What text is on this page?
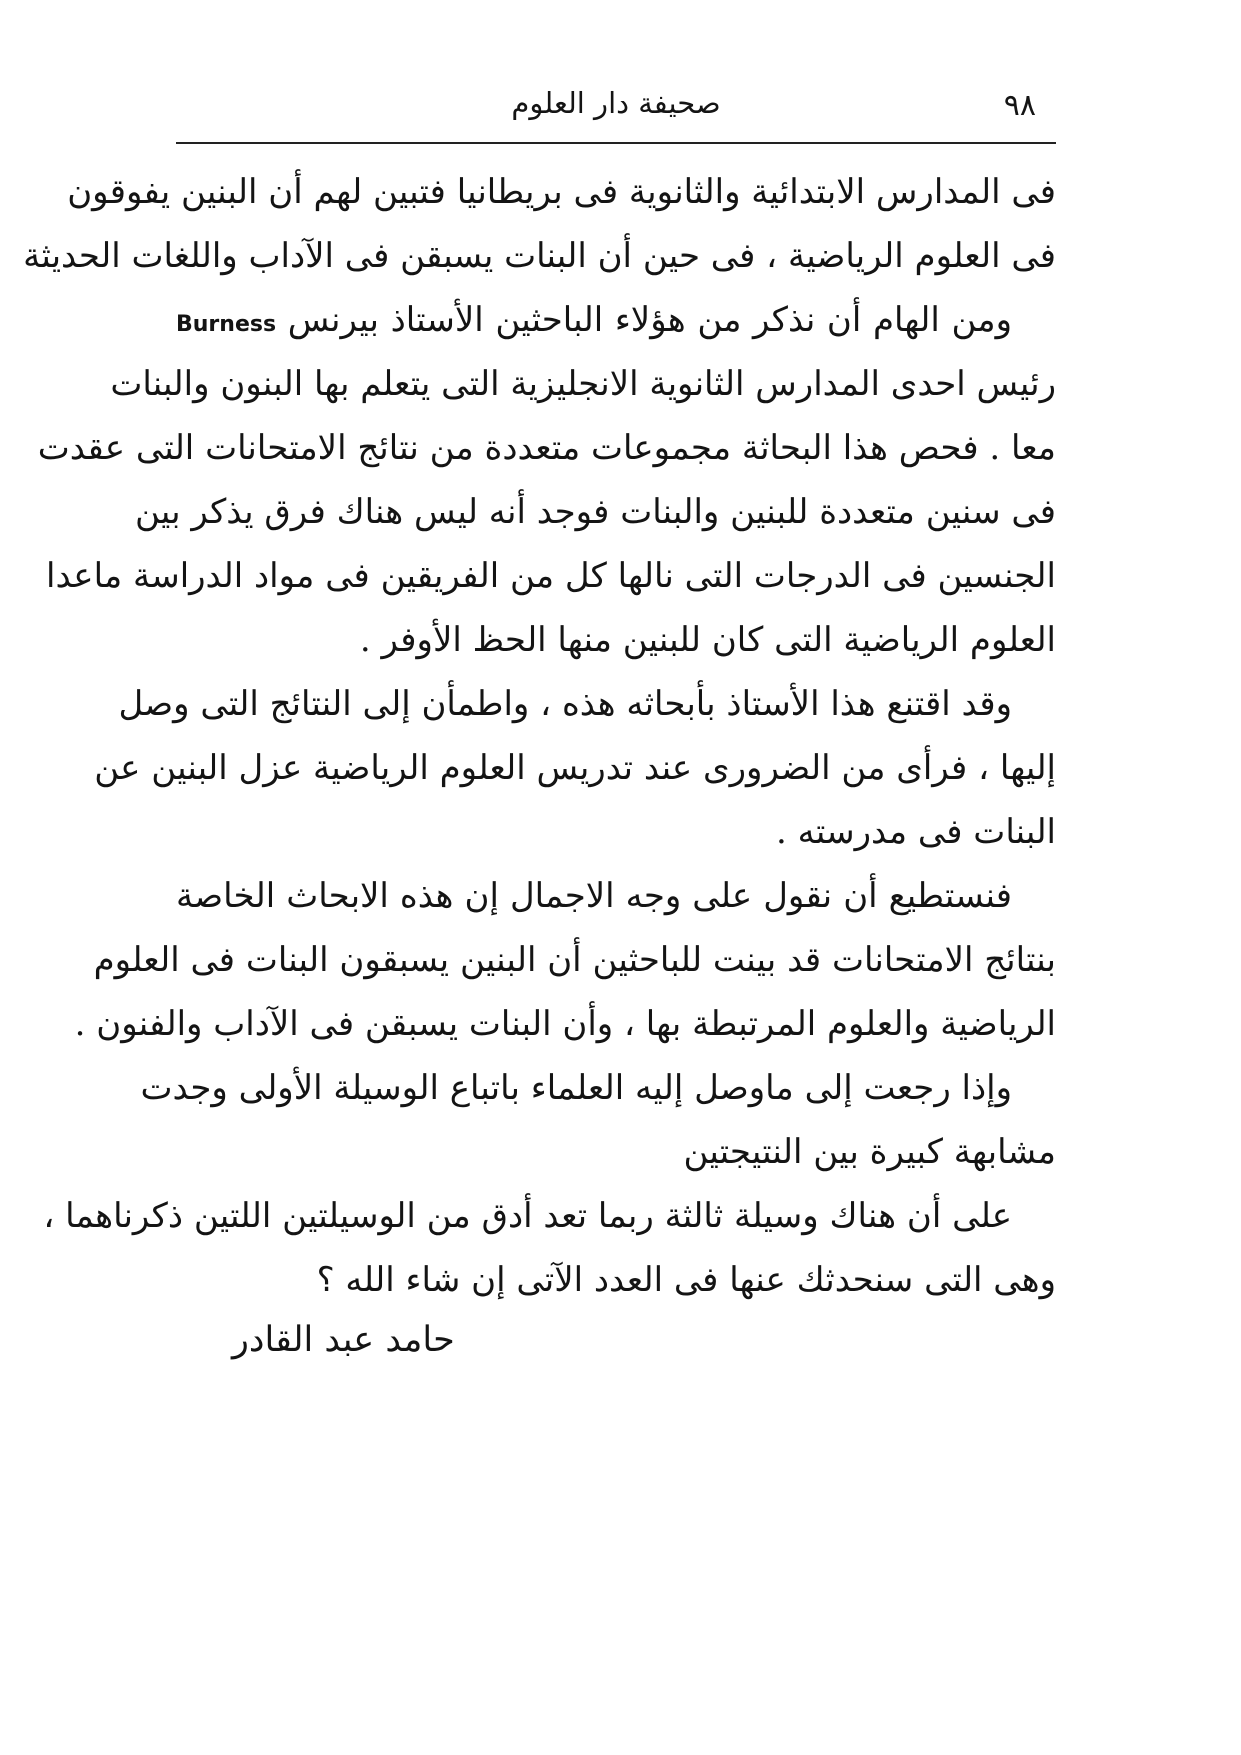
٩٨
صحيفة دار العلوم
فى المدارس الابتدائية والثانوية فى بريطانيا فتبين لهم أن البنين يفوقون
فى العلوم الرياضية ، فى حين أن البنات يسبقن فى الآداب واللغات الحديثة
ومن الهام أن نذكر من هؤلاء الباحثين الأستاذ بيرنس Burness
رئيس احدى المدارس الثانوية الانجليزية التى يتعلم بها البنون والبنات
معا . فحص هذا البحاثة مجموعات متعددة من نتائج الامتحانات التى عقدت
فى سنين متعددة للبنين والبنات فوجد أنه ليس هناك فرق يذكر بين
الجنسين فى الدرجات التى نالها كل من الفريقين فى مواد الدراسة ماعدا
العلوم الرياضية التى كان للبنين منها الحظ الأوفر .
وقد اقتنع هذا الأستاذ بأبحاثه هذه ، واطمأن إلى النتائج التى وصل
إليها ، فرأى من الضرورى عند تدريس العلوم الرياضية عزل البنين عن
البنات فى مدرسته .
فنستطيع أن نقول على وجه الاجمال إن هذه الابحاث الخاصة
بنتائج الامتحانات قد بينت للباحثين أن البنين يسبقون البنات فى العلوم
الرياضية والعلوم المرتبطة بها ، وأن البنات يسبقن فى الآداب والفنون .
وإذا رجعت إلى ماوصل إليه العلماء باتباع الوسيلة الأولى وجدت
مشابهة كبيرة بين النتيجتين
على أن هناك وسيلة ثالثة ربما تعد أدق من الوسيلتين اللتين ذكرناهما ،
وهى التى سنحدثك عنها فى العدد الآتى إن شاء الله ؟
حامد عبد القادر
